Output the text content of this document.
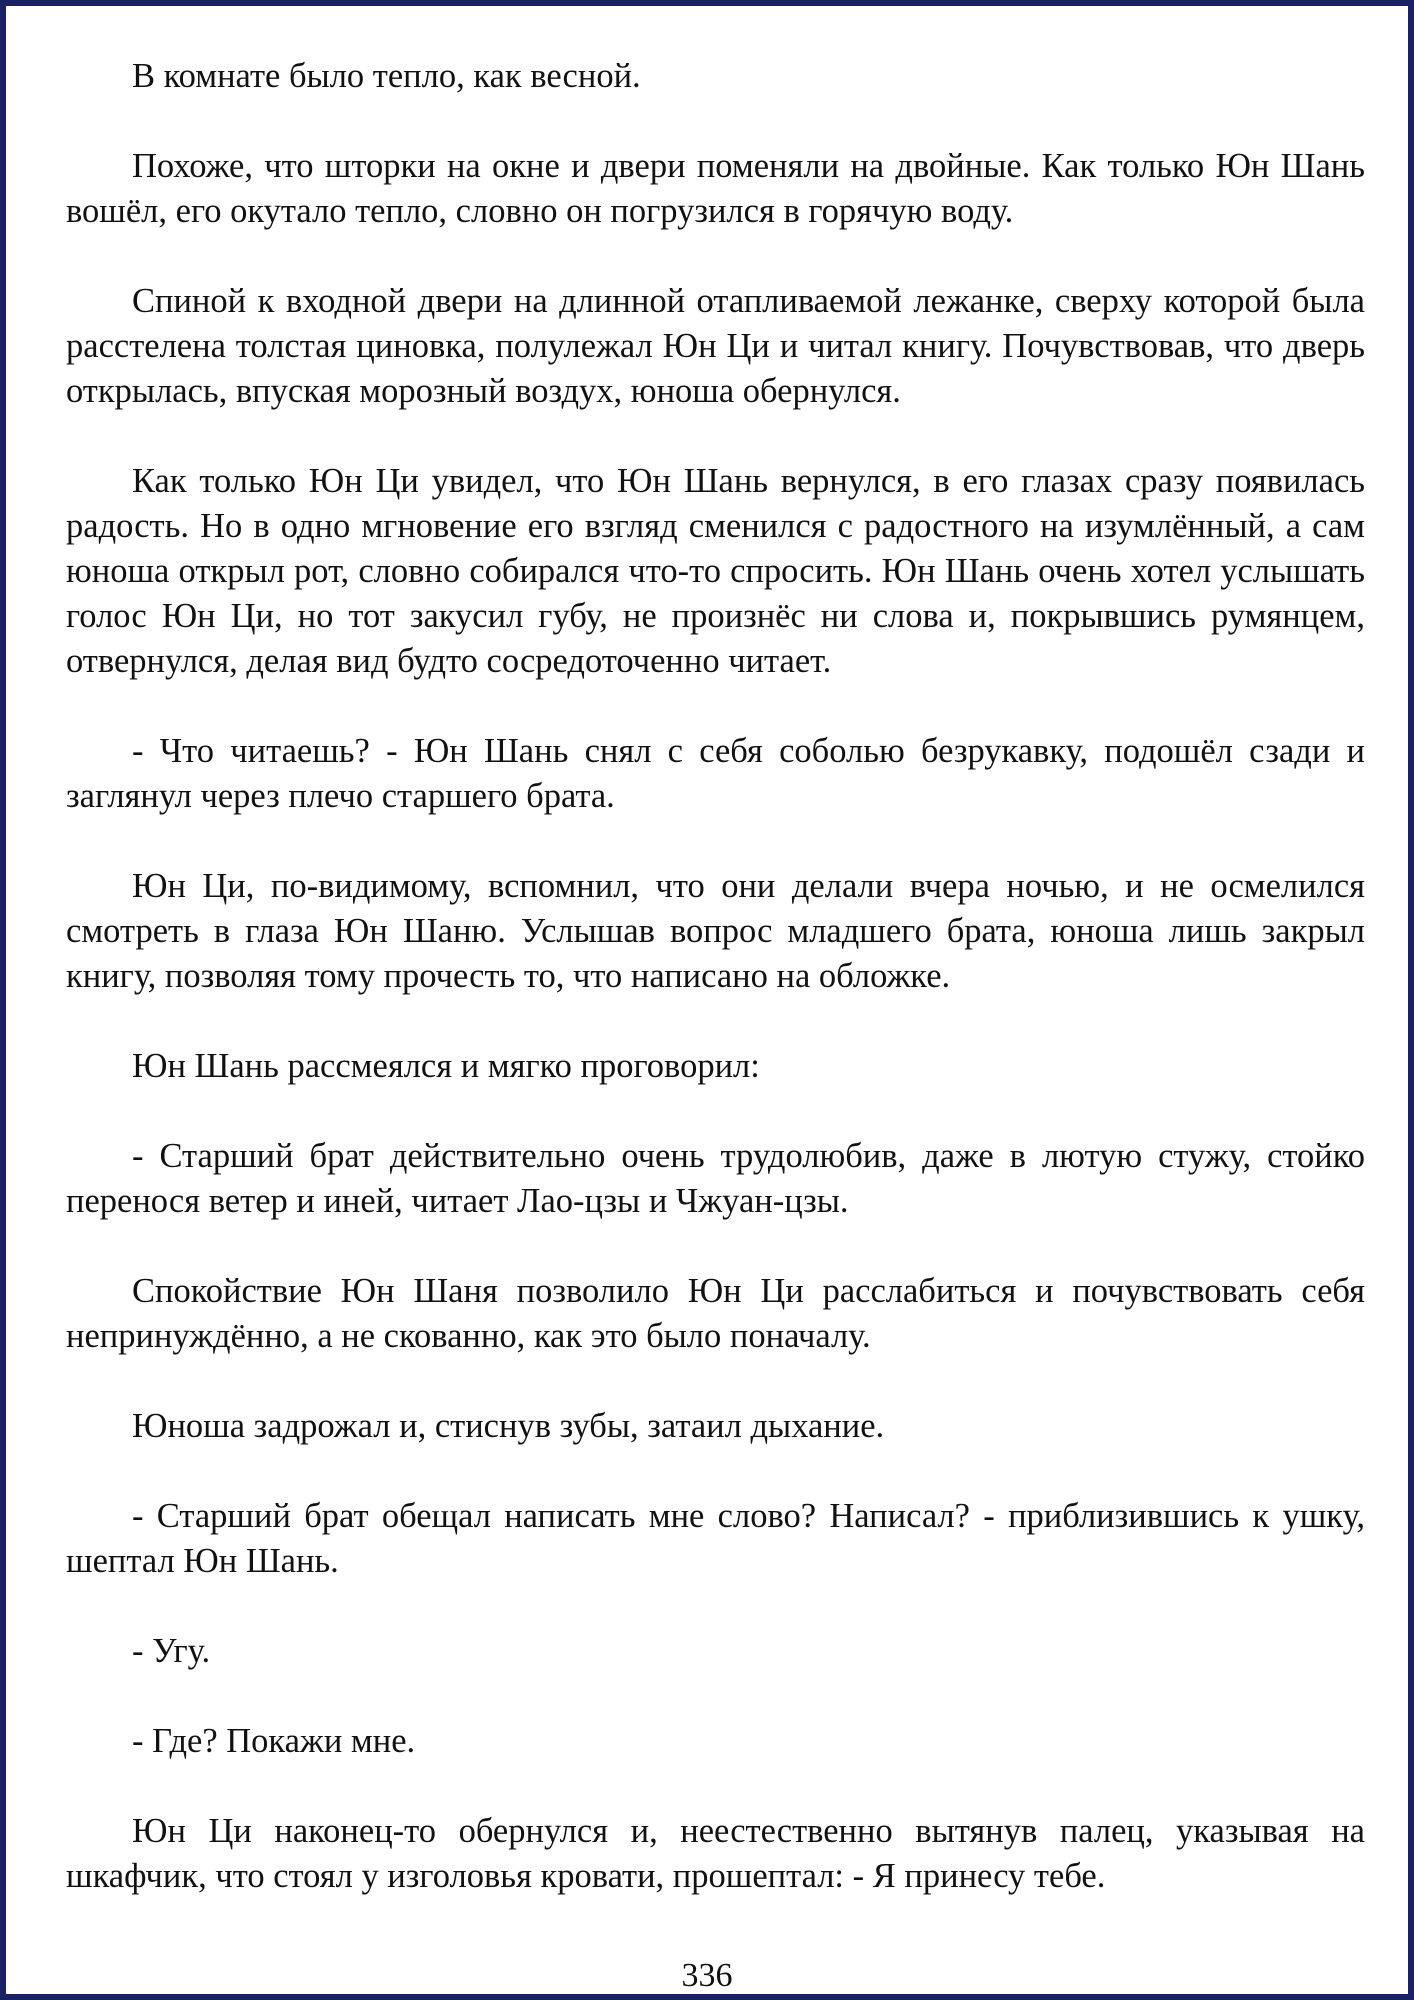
В комнате было тепло, как весной.

Похоже, что шторки на окне и двери поменяли на двойные. Как только Юн Шань вошёл, его окутало тепло, словно он погрузился в горячую воду.

Спиной к входной двери на длинной отапливаемой лежанке, сверху которой была расстелена толстая циновка, полулежал Юн Ци и читал книгу. Почувствовав, что дверь открылась, впуская морозный воздух, юноша обернулся.

Как только Юн Ци увидел, что Юн Шань вернулся, в его глазах сразу появилась радость. Но в одно мгновение его взгляд сменился с радостного на изумлённый, а сам юноша открыл рот, словно собирался что-то спросить. Юн Шань очень хотел услышать голос Юн Ци, но тот закусил губу, не произнёс ни слова и, покрывшись румянцем, отвернулся, делая вид будто сосредоточенно читает.

- Что читаешь? - Юн Шань снял с себя соболью безрукавку, подошёл сзади и заглянул через плечо старшего брата.

Юн Ци, по-видимому, вспомнил, что они делали вчера ночью, и не осмелился смотреть в глаза Юн Шаню. Услышав вопрос младшего брата, юноша лишь закрыл книгу, позволяя тому прочесть то, что написано на обложке.

Юн Шань рассмеялся и мягко проговорил:

- Старший брат действительно очень трудолюбив, даже в лютую стужу, стойко перенося ветер и иней, читает Лао-цзы и Чжуан-цзы.

Спокойствие Юн Шаня позволило Юн Ци расслабиться и почувствовать себя непринуждённо, а не скованно, как это было поначалу.

Юноша задрожал и, стиснув зубы, затаил дыхание.

- Старший брат обещал написать мне слово? Написал? - приблизившись к ушку, шептал Юн Шань.

- Угу.

- Где? Покажи мне.

Юн Ци наконец-то обернулся и, неестественно вытянув палец, указывая на шкафчик, что стоял у изголовья кровати, прошептал: - Я принесу тебе.

336
